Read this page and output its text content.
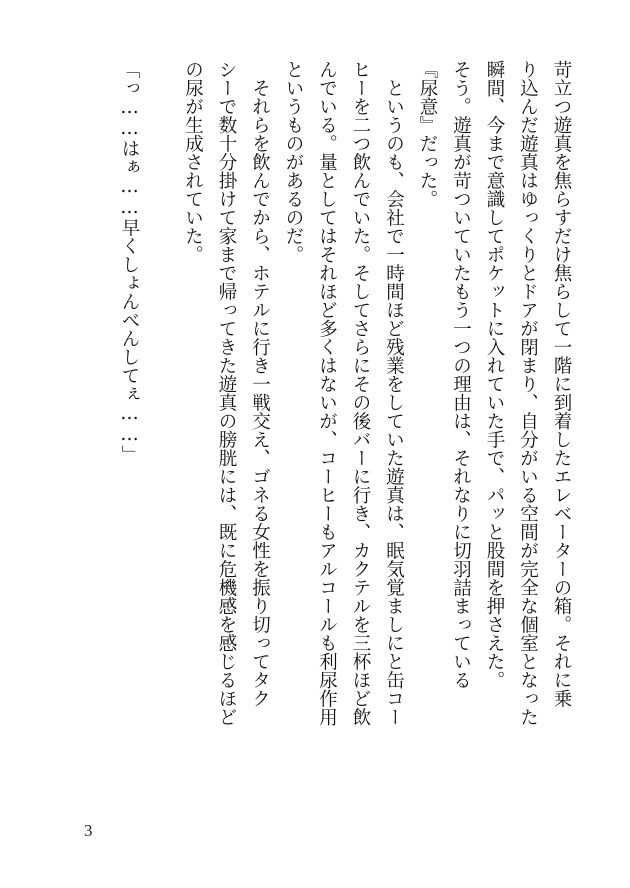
苛立つ遊真を焦らすだけ焦らして一階に到着したエレベーターの箱。それに乗
り込んだ遊真はゆっくりとドアが閉まり、自分がいる空間が完全な個室となった
瞬間、今まで意識してポケットに入れていた手で、パッと股間を押さえた。
そう。遊真が苛ついていたもう一つの理由は、それなりに切羽詰まっている
『尿意』だった。
　というのも、会社で一時間ほど残業をしていた遊真は、眠気覚ましにと缶コー
ヒーを二つ飲んでいた。そしてさらにその後バーに行き、カクテルを三杯ほど飲
んでいる。量としてはそれほど多くはないが、コーヒーもアルコールも利尿作用
というものがあるのだ。
　それらを飲んでから、ホテルに行き一戦交え、ゴネる女性を振り切ってタク
シーで数十分掛けて家まで帰ってきた遊真の膀胱には、既に危機感を感じるほど
の尿が生成されていた。
「っ……はぁ……早くしょんべんしてぇ……」
3
